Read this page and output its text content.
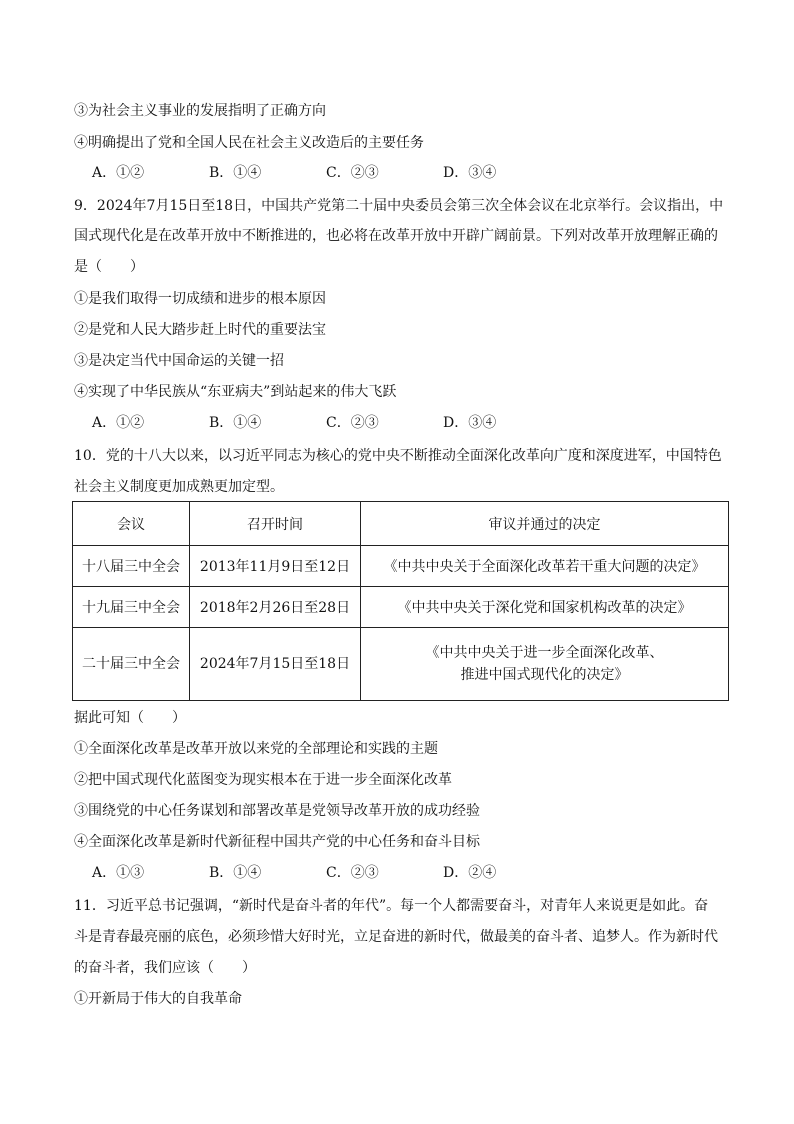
③为社会主义事业的发展指明了正确方向
④明确提出了党和全国人民在社会主义改造后的主要任务
A．①②	B．①④	C．②③	D．③④
9．2024年7月15日至18日，中国共产党第二十届中央委员会第三次全体会议在北京举行。会议指出，中
国式现代化是在改革开放中不断推进的，也必将在改革开放中开辟广阔前景。下列对改革开放理解正确的
是（　　）
①是我们取得一切成绩和进步的根本原因
②是党和人民大踏步赶上时代的重要法宝
③是决定当代中国命运的关键一招
④实现了中华民族从“东亚病夫”到站起来的伟大飞跃
A．①②	B．①④	C．②③	D．③④
10．党的十八大以来，以习近平同志为核心的党中央不断推动全面深化改革向广度和深度进军，中国特色
社会主义制度更加成熟更加定型。
会议	召开时间	审议并通过的决定
十八届三中全会	2013年11月9日至12日	《中共中央关于全面深化改革若干重大问题的决定》
十九届三中全会	2018年2月26日至28日	《中共中央关于深化党和国家机构改革的决定》
二十届三中全会	2024年7月15日至18日	《中共中央关于进一步全面深化改革、
推进中国式现代化的决定》
据此可知（　　）
①全面深化改革是改革开放以来党的全部理论和实践的主题
②把中国式现代化蓝图变为现实根本在于进一步全面深化改革
③围绕党的中心任务谋划和部署改革是党领导改革开放的成功经验
④全面深化改革是新时代新征程中国共产党的中心任务和奋斗目标
A．①③	B．①④	C．②③	D．②④
11．习近平总书记强调，“新时代是奋斗者的年代”。每一个人都需要奋斗，对青年人来说更是如此。奋
斗是青春最亮丽的底色，必须珍惜大好时光，立足奋进的新时代，做最美的奋斗者、追梦人。作为新时代
的奋斗者，我们应该（　　）
①开新局于伟大的自我革命
